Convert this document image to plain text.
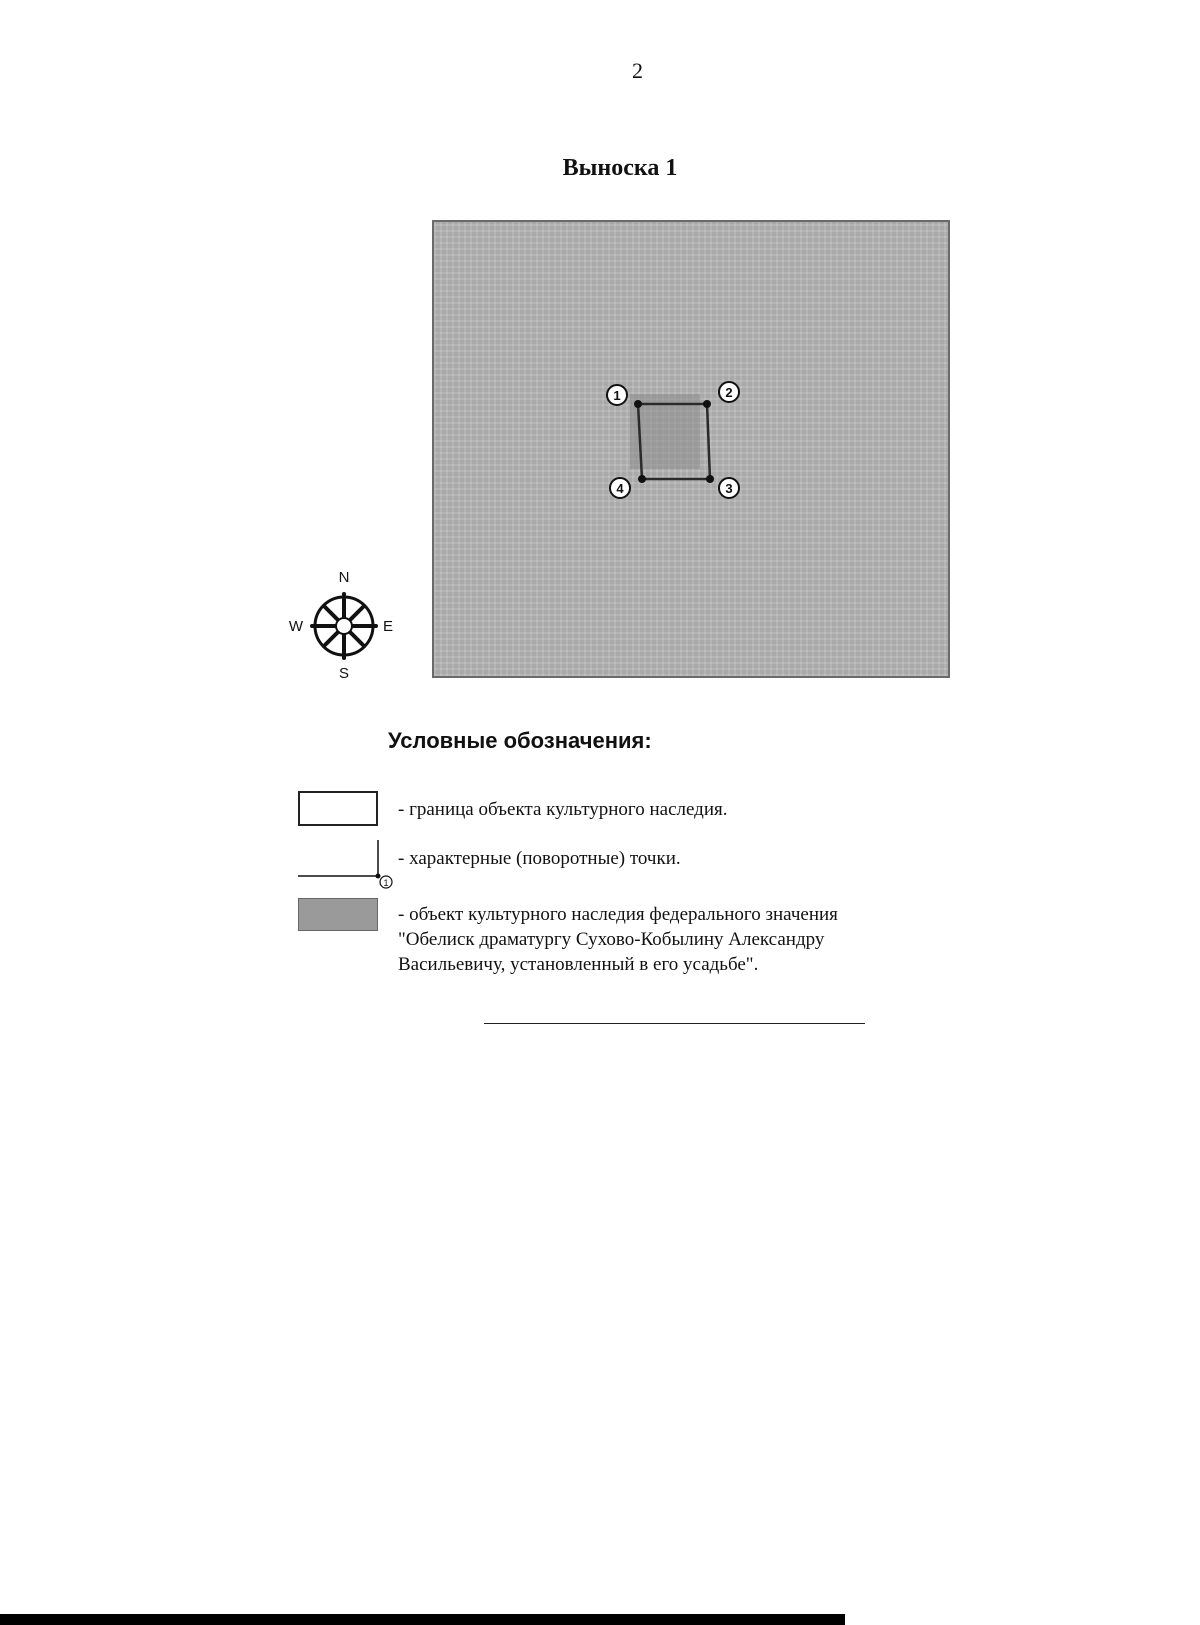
2
Выноска 1
1	2
3
4
N
S
W	E
Условные обозначения:
- граница объекта культурного наследия.
1
- характерные (поворотные) точки.
- объект культурного наследия федерального значения "Обелиск драматургу Сухово-Кобылину Александру Васильевичу, установленный в его усадьбе".
